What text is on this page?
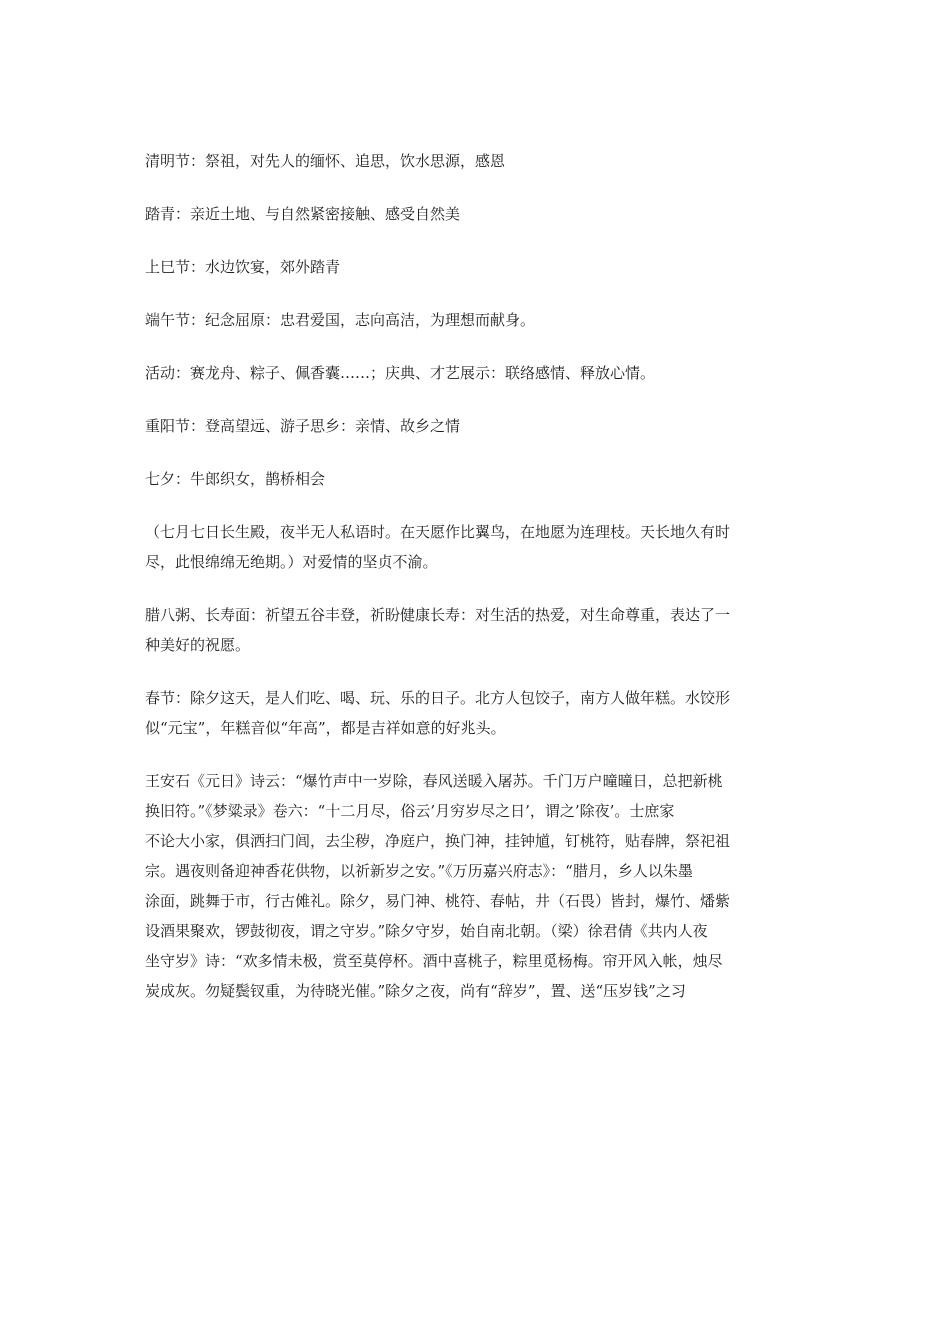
清明节：祭祖，对先人的缅怀、追思，饮水思源，感恩
踏青：亲近土地、与自然紧密接触、感受自然美
上巳节：水边饮宴，郊外踏青
端午节：纪念屈原：忠君爱国，志向高洁，为理想而献身。
活动：赛龙舟、粽子、佩香囊……；庆典、才艺展示：联络感情、释放心情。
重阳节：登高望远、游子思乡：亲情、故乡之情
七夕：牛郎织女，鹊桥相会
（七月七日长生殿，夜半无人私语时。在天愿作比翼鸟，在地愿为连理枝。天长地久有时
尽，此恨绵绵无绝期。）对爱情的坚贞不渝。
腊八粥、长寿面：祈望五谷丰登，祈盼健康长寿：对生活的热爱，对生命尊重，表达了一
种美好的祝愿。
春节：除夕这天，是人们吃、喝、玩、乐的日子。北方人包饺子，南方人做年糕。水饺形
似“元宝”，年糕音似“年高”，都是吉祥如意的好兆头。
王安石《元日》诗云：“爆竹声中一岁除，春风送暖入屠苏。千门万户曈曈日，总把新桃
换旧符。”《梦粱录》卷六：“十二月尽，俗云’月穷岁尽之日’，谓之’除夜’。士庶家
不论大小家，俱洒扫门闾，去尘秽，净庭户，换门神，挂钟馗，钉桃符，贴春牌，祭祀祖
宗。遇夜则备迎神香花供物，以祈新岁之安。”《万历嘉兴府志》：“腊月，乡人以朱墨
涂面，跳舞于市，行古傩礼。除夕，易门神、桃符、春帖，井（石畏）皆封，爆竹、燔紫
设酒果聚欢，锣鼓彻夜，谓之守岁。”除夕守岁，始自南北朝。（梁）徐君倩《共内人夜
坐守岁》诗：“欢多情未极，赏至莫停杯。酒中喜桃子，粽里觅杨梅。帘开风入帐，烛尽
炭成灰。勿疑鬓钗重，为待晓光催。”除夕之夜，尚有“辞岁”，置、送“压岁钱”之习
